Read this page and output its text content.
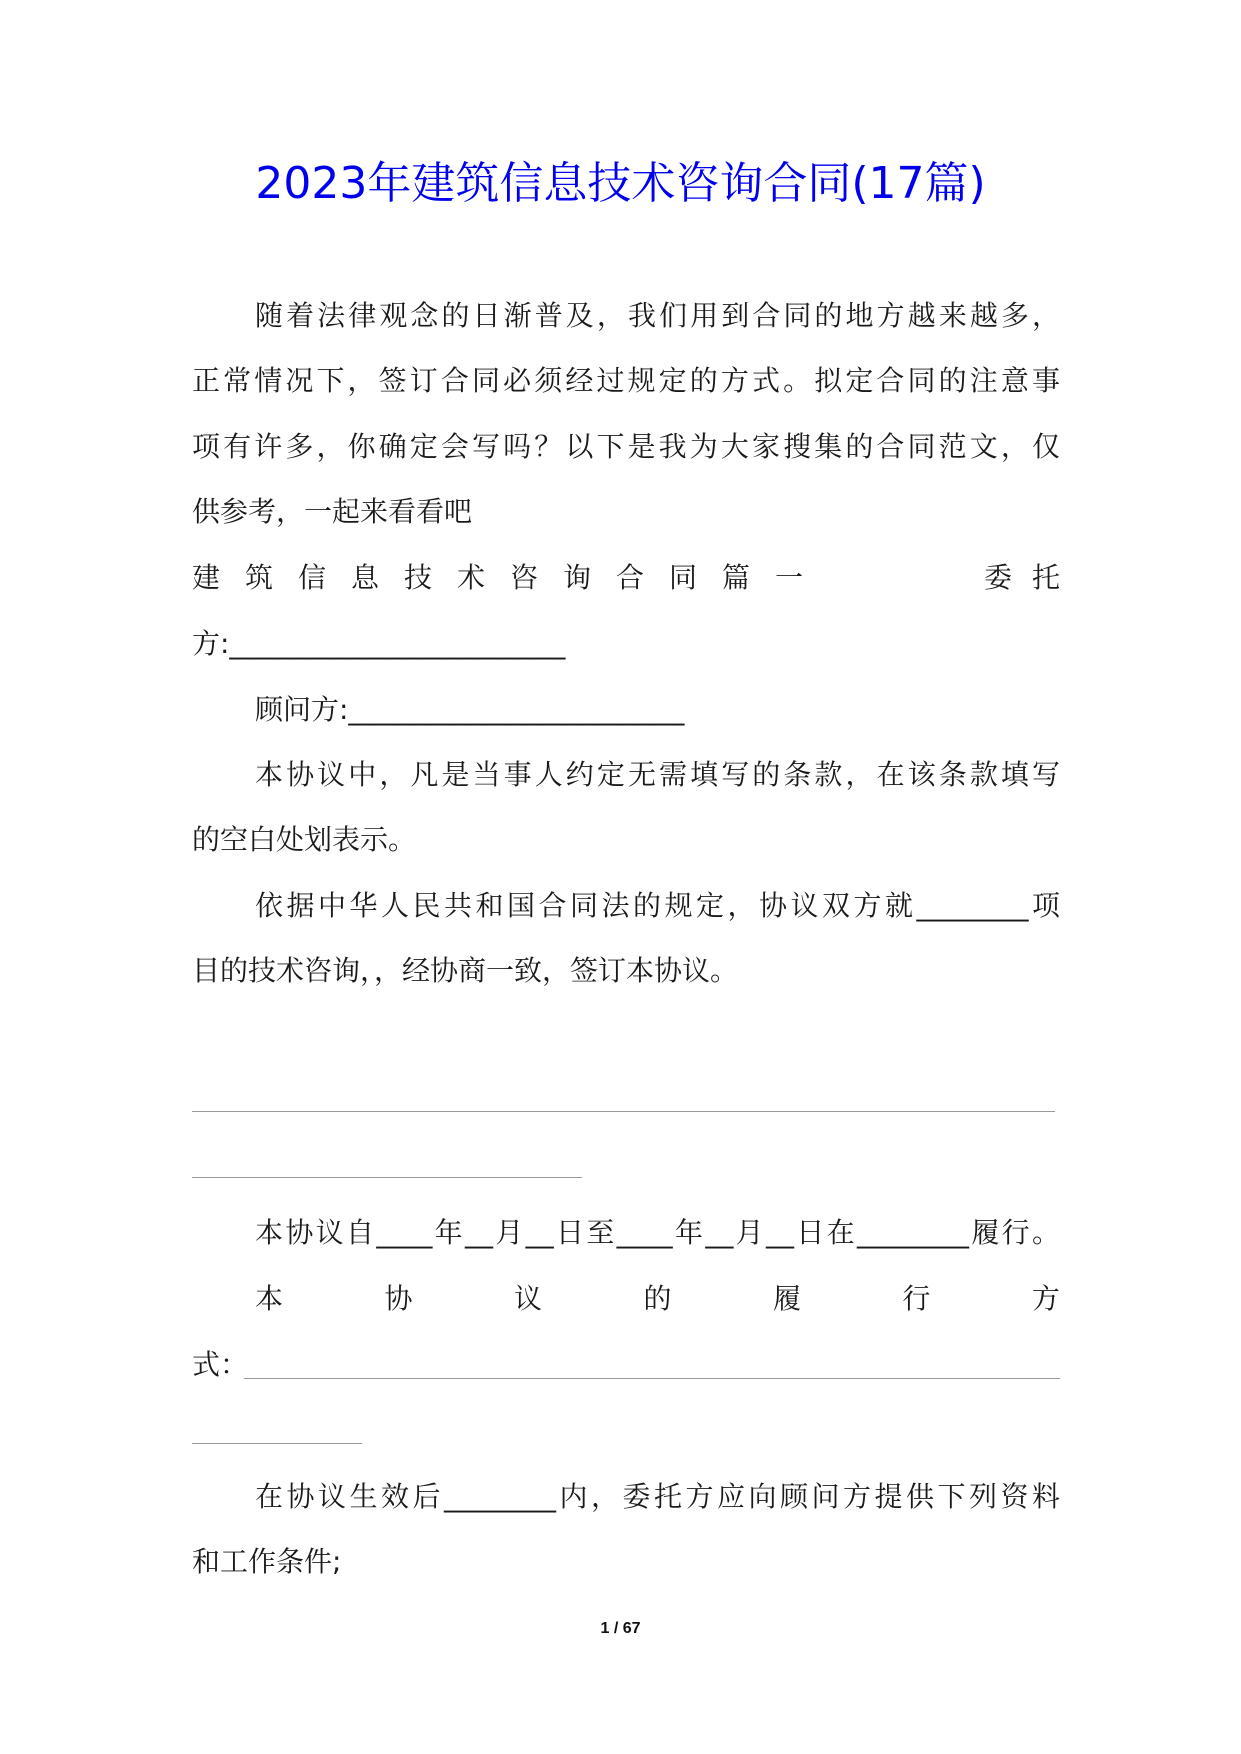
2023年建筑信息技术咨询合同(17篇)
随着法律观念的日渐普及，我们用到合同的地方越来越多，
正常情况下，签订合同必须经过规定的方式。拟定合同的注意事
项有许多，你确定会写吗？以下是我为大家搜集的合同范文，仅
供参考，一起来看看吧
建筑信息技术咨询合同篇一	委托
方:________________________
顾问方:________________________
本协议中，凡是当事人约定无需填写的条款，在该条款填写
的空白处划表示。
依据中华人民共和国合同法的规定，协议双方就________项
目的技术咨询，，经协商一致，签订本协议。
本协议自____年__月__日至____年__月__日在________履行。
本	协	议	的	履	行	方
式：
在协议生效后________内，委托方应向顾问方提供下列资料
和工作条件;
1 / 67
